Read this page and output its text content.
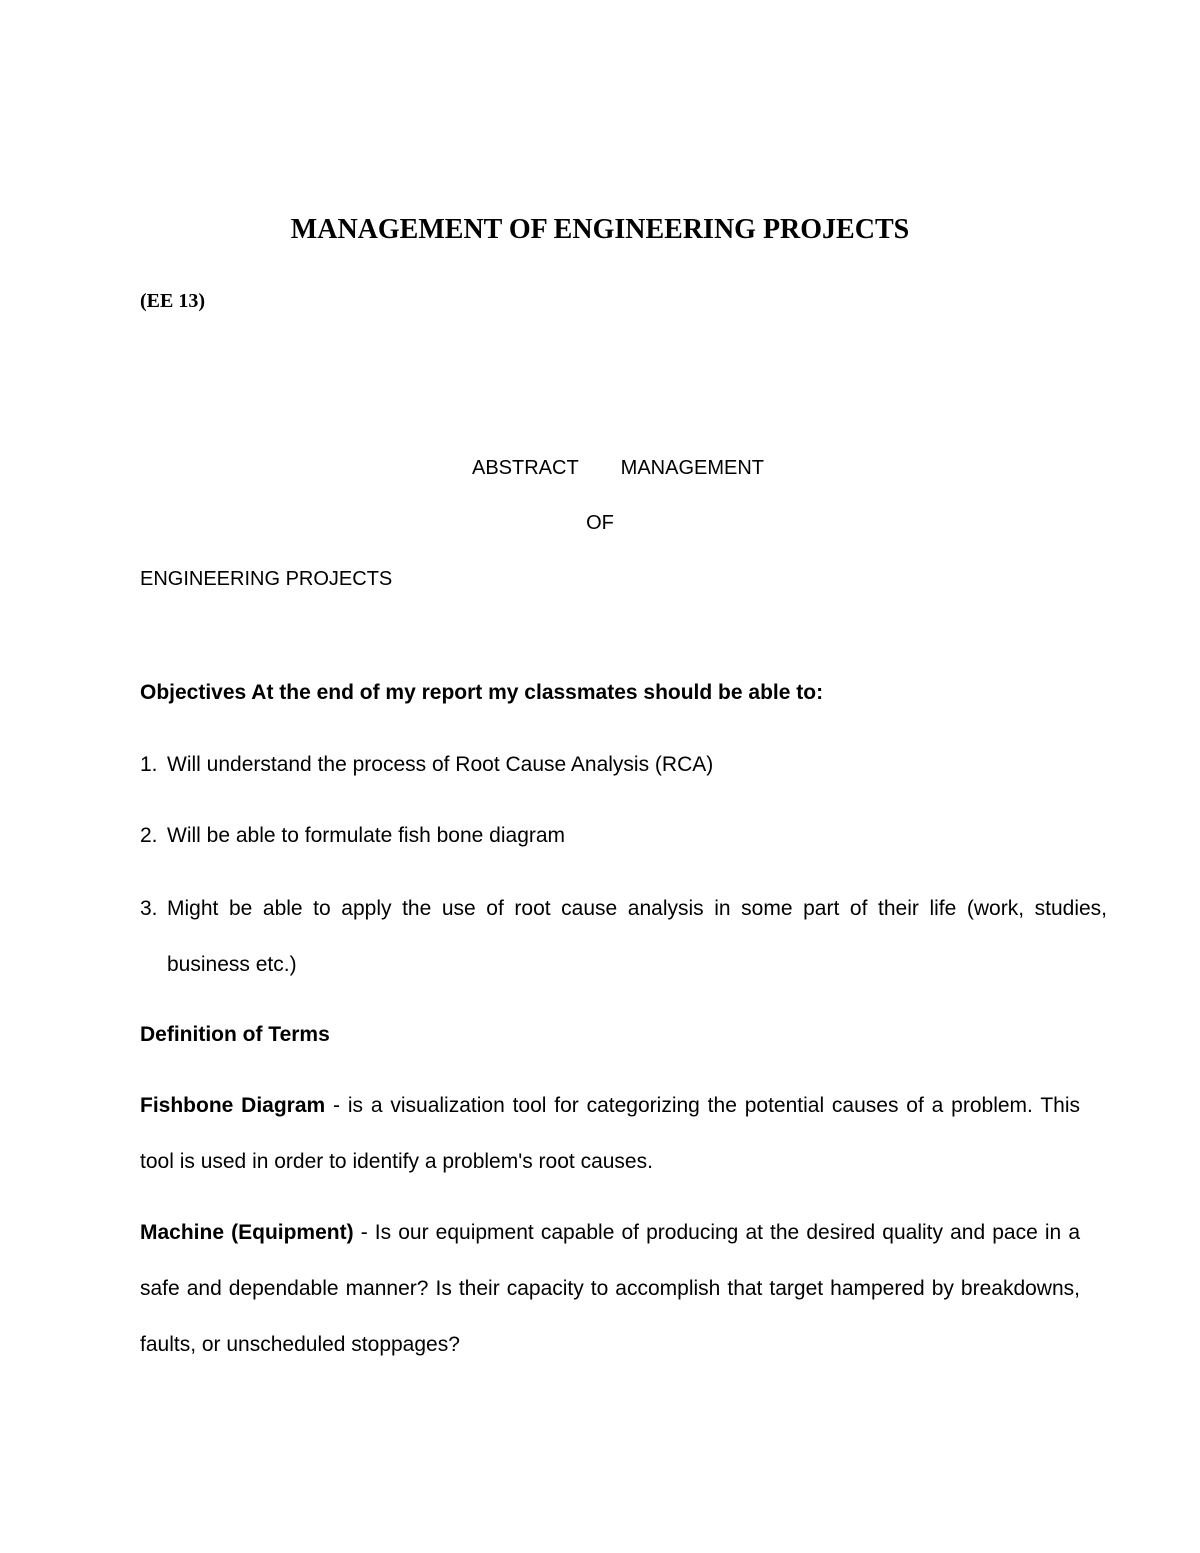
MANAGEMENT OF ENGINEERING PROJECTS
(EE 13)
ABSTRACT MANAGEMENT
OF
ENGINEERING PROJECTS
Objectives At the end of my report my classmates should be able to:
1. Will understand the process of Root Cause Analysis (RCA)
2. Will be able to formulate fish bone diagram
3. Might be able to apply the use of root cause analysis in some part of their life (work, studies, business etc.)
Definition of Terms
Fishbone Diagram - is a visualization tool for categorizing the potential causes of a problem. This tool is used in order to identify a problem's root causes.
Machine (Equipment) - Is our equipment capable of producing at the desired quality and pace in a safe and dependable manner? Is their capacity to accomplish that target hampered by breakdowns, faults, or unscheduled stoppages?
